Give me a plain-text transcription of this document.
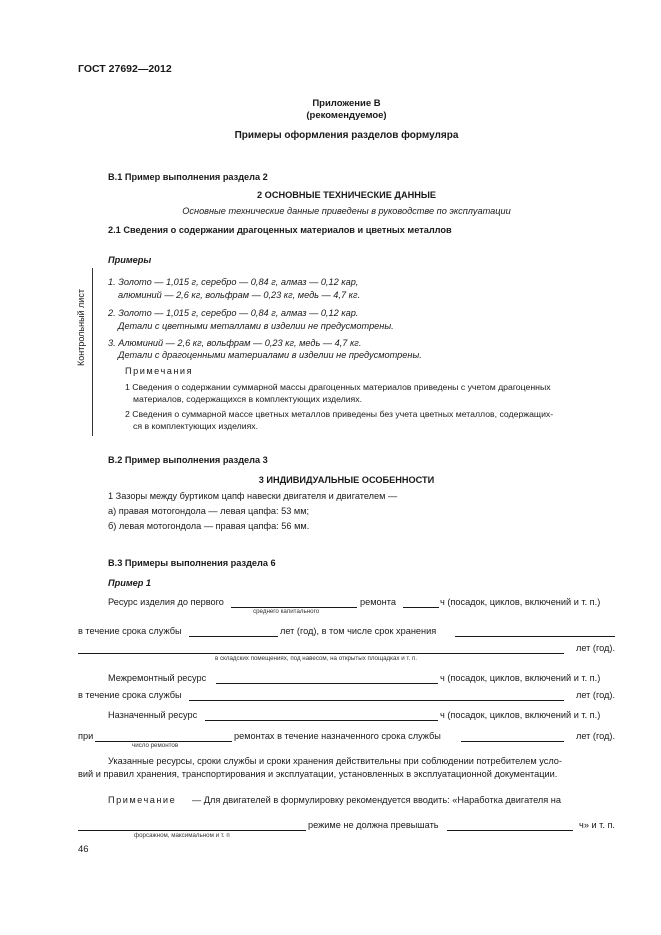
ГОСТ 27692—2012
Приложение В
(рекомендуемое)
Примеры оформления разделов формуляра
В.1 Пример выполнения раздела 2
2 ОСНОВНЫЕ ТЕХНИЧЕСКИЕ ДАННЫЕ
Основные технические данные приведены в руководстве по эксплуатации
2.1 Сведения о содержании драгоценных материалов и цветных металлов
Примеры
1. Золото — 1,015 г, серебро — 0,84 г, алмаз — 0,12 кар,
алюминий — 2,6 кг, вольфрам — 0,23 кг, медь — 4,7 кг.
2. Золото — 1,015 г, серебро — 0,84 г, алмаз — 0,12 кар.
Детали с цветными металлами в изделии не предусмотрены.
3. Алюминий — 2,6 кг, вольфрам — 0,23 кг, медь — 4,7 кг.
Детали с драгоценными материалами в изделии не предусмотрены.
Примечания
1 Сведения о содержании суммарной массы драгоценных материалов приведены с учетом драгоценных
материалов, содержащихся в комплектующих изделиях.
2 Сведения о суммарной массе цветных металлов приведены без учета цветных металлов, содержащих-
ся в комплектующих изделиях.
Контрольный лист
В.2 Пример выполнения раздела 3
3 ИНДИВИДУАЛЬНЫЕ ОСОБЕННОСТИ
1 Зазоры между буртиком цапф навески двигателя и двигателем —
а) правая мотогондола — левая цапфа: 53 мм;
б) левая мотогондола — правая цапфа: 56 мм.
В.3 Примеры выполнения раздела 6
Пример 1
Ресурс изделия до первого	ремонта	ч (посадок, циклов, включений и т. п.)
среднего капитального
в течение срока службы	лет (год), в том числе срок хранения
лет (год).
в складских помещениях, под навесом, на открытых площадках и т. п.
Межремонтный ресурс	ч (посадок, циклов, включений и т. п.)
в течение срока службы	лет (год).
Назначенный ресурс	ч (посадок, циклов, включений и т. п.)
при	ремонтах в течение назначенного срока службы	лет (год).
число ремонтов
Указанные ресурсы, сроки службы и сроки хранения действительны при соблюдении потребителем усло-
вий и правил хранения, транспортирования и эксплуатации, установленных в эксплуатационной документации.
Примечание — Для двигателей в формулировку рекомендуется вводить: «Наработка двигателя на
режиме не должна превышать	ч» и т. п.
форсажном, максимальном и т. п
46
